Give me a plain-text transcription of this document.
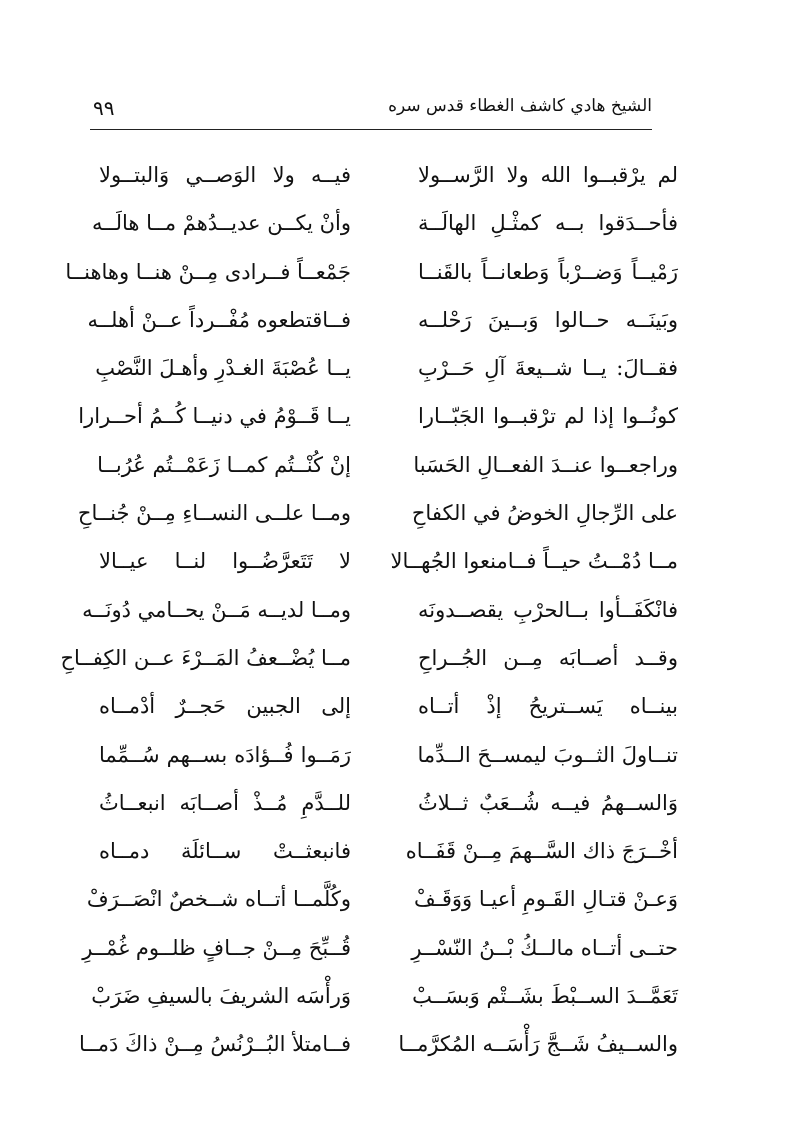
الشيخ هادي كاشف الغطاء قدس سره
٩٩
لم يرْقبــوا الله ولا الرَّســولا
فيــه ولا الوَصــي وَالبتــولا
فأحــدَقوا بــه كمثْـلِ الهالَــة
وأنْ يكــن عديــدُهمْ مــا هالَــه
رَمْيــاً وَضــرْباً وَطعانــاً بالقَنــا
جَمْعــاً فــرادى مِــنْ هنــا وهاهنــا
وبَينَــه حــالوا وَبــينَ رَحْلــه
فــاقتطعوه مُفْــرداً عــنْ أهلــه
فقــالَ: يــا شــيعةَ آلِ حَــرْبِ
يــا عُصْبَةَ الغـدْرِ وأهـلَ النَّصْبِ
كونُــوا إذا لم ترْقبــوا الجَبّــارا
يــا قَــوْمُ في دنيــا كُــمُ أحــرارا
وراجعــوا عنــدَ الفعــالِ الحَسَبا
إنْ كُنْــتُم كمــا زَعَمْــتُم عُرُبــا
على الرِّجالِ الخوضُ في الكفاحِ
ومــا علــى النســاءِ مِــنْ جُنــاحِ
مــا دُمْــتُ حيــاً فــامنعوا الجُهــالا
لا تَتَعرَّضُــوا لنــا عيــالا
فانْكَفَــأوا بــالحرْبِ يقصــدونَه
ومــا لديــه مَــنْ يحــامي دُونَــه
وقــد أصــابَه مِــن الجُــراحِ
مــا يُضْــعفُ المَــرْءَ عــن الكِفــاحِ
بينــاه يَســتريحُ إذْ أتــاه
إلى الجبين حَجــرٌ أدْمــاه
تنــاولَ الثــوبَ ليمســحَ الــدِّما
رَمَــوا فُــؤادَه بســهم سُــمِّما
وَالســهمُ فيــه شُــعَبٌ ثــلاثُ
للــدَّمِ مُــذْ أصــابَه انبعــاثُ
أخْــرَجَ ذاك السَّــهمَ مِــنْ قَفَــاه
فانبعثــتْ ســائلَة دمــاه
وَعـنْ قتـالِ القَـومِ أعيـا وَوَقَـفْ
وكُلَّمــا أتــاه شــخصٌ انْصَــرَفْ
حتــى أتــاه مالــكُ بْــنُ النّسْــرِ
قُــبِّحَ مِــنْ جــافٍ ظلــوم غُمْــرِ
تَعَمَّــدَ الســبْطَ بشَــتْم وَبسَــبْ
وَرأْسَه الشريفَ بالسيفِ ضَرَبْ
والســيفُ شَــجَّ رَأْسَــه المُكرَّمــا
فــامتلأ البُــرْنُسُ مِــنْ ذاكَ دَمــا
